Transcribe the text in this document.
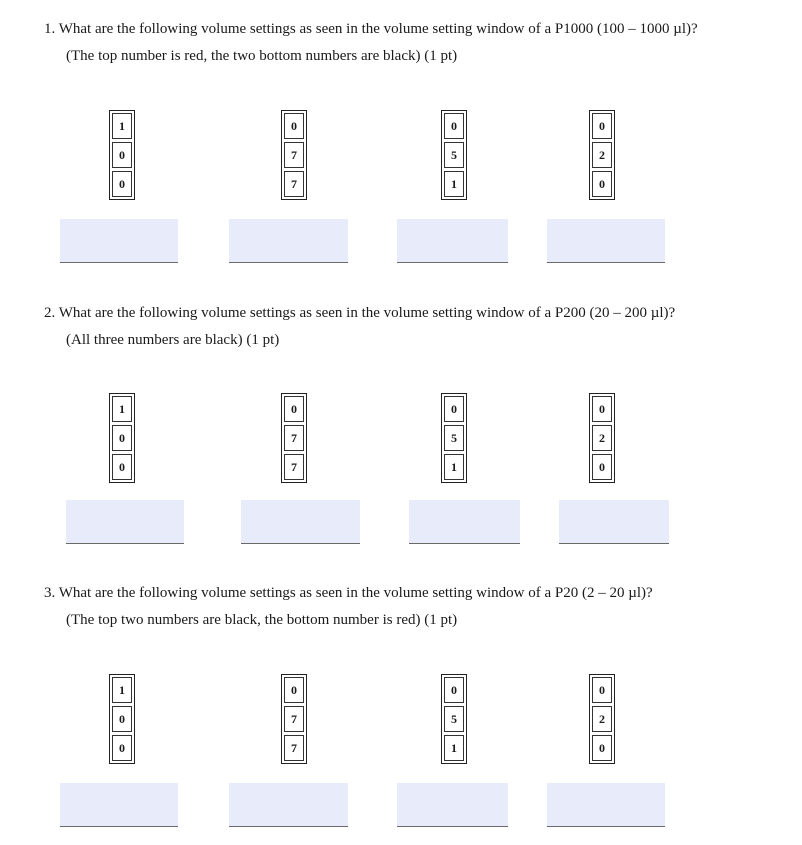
1. What are the following volume settings as seen in the volume setting window of a P1000 (100 – 1000 µl)?
(The top number is red, the two bottom numbers are black) (1 pt)
1
0
0
0
7
7
0
5
1
0
2
0
2. What are the following volume settings as seen in the volume setting window of a P200 (20 – 200 µl)?
(All three numbers are black) (1 pt)
1
0
0
0
7
7
0
5
1
0
2
0
3. What are the following volume settings as seen in the volume setting window of a P20 (2 – 20 µl)?
(The top two numbers are black, the bottom number is red) (1 pt)
1
0
0
0
7
7
0
5
1
0
2
0
